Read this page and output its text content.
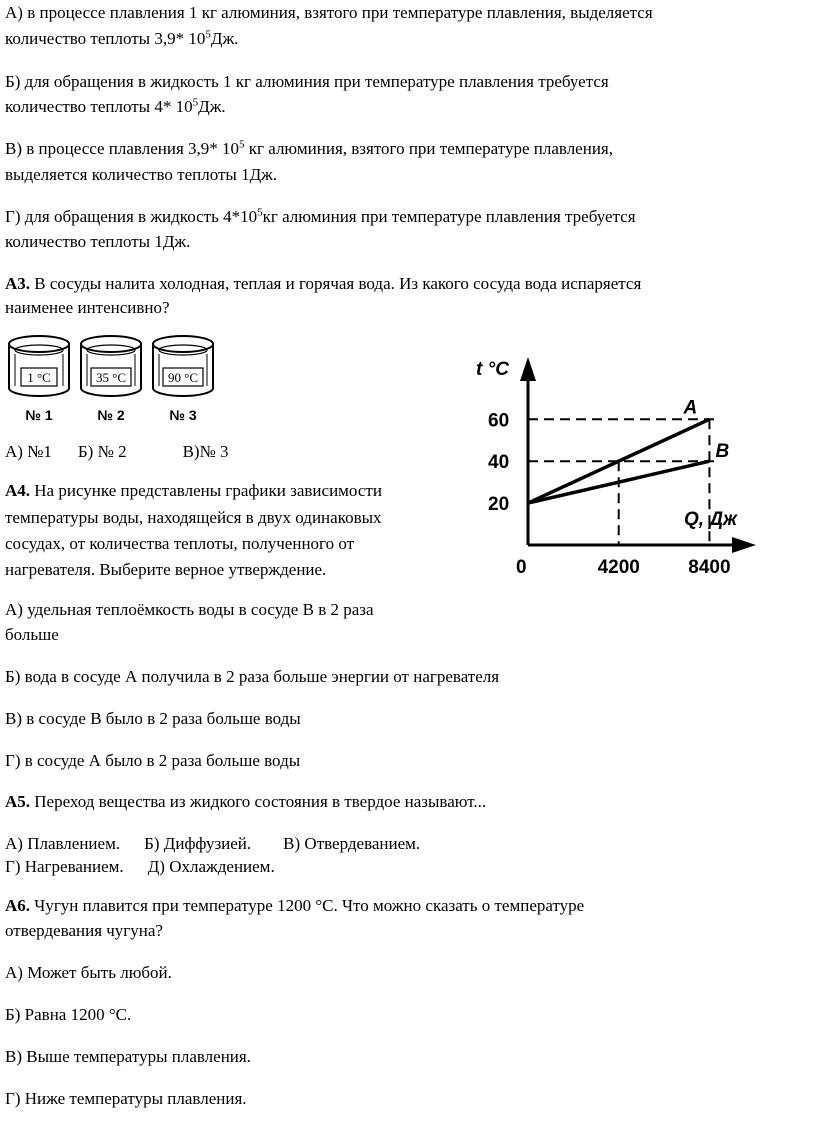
А) в процессе плавления 1 кг алюминия, взятого при температуре плавления, выделяется
количество теплоты 3,9* $10^5Дж$.
Б) для обращения в жидкость 1 кг алюминия при температуре плавления требуется
количество теплоты 4* $10^5Дж$.
В) в процессе плавления 3,9* $10^5$ кг алюминия, взятого при температуре плавления,
выделяется количество теплоты 1Дж.
Г) для обращения в жидкость $4*10^5кг$ алюминия при температуре плавления требуется
количество теплоты 1Дж.
А3. В сосуды налита холодная, теплая и горячая вода. Из какого сосуда вода испаряется
наименее интенсивно?
1 °C
№ 1
35 °C
№ 2
90 °C
№ 3
А) №1 Б) № 2	В)№ 3
А4. На рисунке представлены графики зависимости
температуры воды, находящейся в двух одинаковых
сосудах, от количества теплоты, полученного от
нагревателя. Выберите верное утверждение.
A
B
20
40
60
4200	8400
t °C
Q, Дж
0
А) удельная теплоёмкость воды в сосуде В в 2 раза
больше
Б) вода в сосуде А получила в 2 раза больше энергии от нагревателя
В) в сосуде В было в 2 раза больше воды
Г) в сосуде А было в 2 раза больше воды
А5. Переход вещества из жидкого состояния в твердое называют...
А) Плавлением. Б) Диффузией. В) Отвердеванием.
Г) Нагреванием. Д) Охлаждением.
А6. Чугун плавится при температуре 1200 °С. Что можно сказать о температуре
отвердевания чугуна?
А) Может быть любой.
Б) Равна 1200 °С.
В) Выше температуры плавления.
Г) Ниже температуры плавления.
